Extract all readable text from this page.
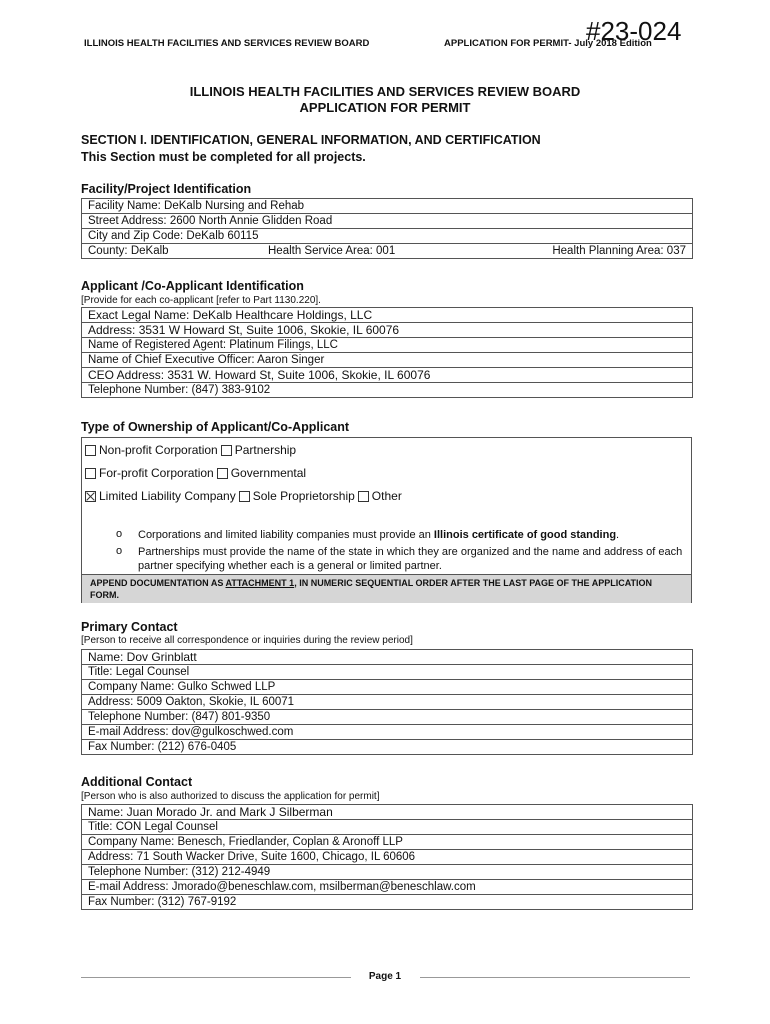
ILLINOIS HEALTH FACILITIES AND SERVICES REVIEW BOARD	APPLICATION FOR PERMIT- July 2018 Edition
#23-024
ILLINOIS HEALTH FACILITIES AND SERVICES REVIEW BOARD
APPLICATION FOR PERMIT
SECTION I. IDENTIFICATION, GENERAL INFORMATION, AND CERTIFICATION
This Section must be completed for all projects.
Facility/Project Identification
Facility Name: DeKalb Nursing and Rehab
Street Address: 2600 North Annie Glidden Road
City and Zip Code: DeKalb 60115

County: DeKalb	Health Service Area: 001	Health Planning Area: 037
Applicant /Co-Applicant Identification
[Provide for each co-applicant [refer to Part 1130.220].
Exact Legal Name: DeKalb Healthcare Holdings, LLC
Address: 3531 W Howard St, Suite 1006, Skokie, IL 60076
Name of Registered Agent: Platinum Filings, LLC
Name of Chief Executive Officer: Aaron Singer
CEO Address: 3531 W. Howard St, Suite 1006, Skokie, IL 60076
Telephone Number: (847) 383-9102
Type of Ownership of Applicant/Co-Applicant
Non-profit Corporation Partnership
For-profit Corporation Governmental
Limited Liability Company Sole Proprietorship Other
o Corporations and limited liability companies must provide an Illinois certificate of good standing.
o Partnerships must provide the name of the state in which they are organized and the name and address of each partner specifying whether each is a general or limited partner.
APPEND DOCUMENTATION AS ATTACHMENT 1, IN NUMERIC SEQUENTIAL ORDER AFTER THE LAST PAGE OF THE APPLICATION FORM.
Primary Contact
[Person to receive all correspondence or inquiries during the review period]
Name: Dov Grinblatt
Title: Legal Counsel
Company Name: Gulko Schwed LLP
Address: 5009 Oakton, Skokie, IL 60071
Telephone Number: (847) 801-9350
E-mail Address: dov@gulkoschwed.com
Fax Number: (212) 676-0405
Additional Contact
[Person who is also authorized to discuss the application for permit]
Name: Juan Morado Jr. and Mark J Silberman
Title: CON Legal Counsel
Company Name: Benesch, Friedlander, Coplan & Aronoff LLP
Address: 71 South Wacker Drive, Suite 1600, Chicago, IL 60606
Telephone Number: (312) 212-4949
E-mail Address: Jmorado@beneschlaw.com, msilberman@beneschlaw.com
Fax Number: (312) 767-9192
Page 1
